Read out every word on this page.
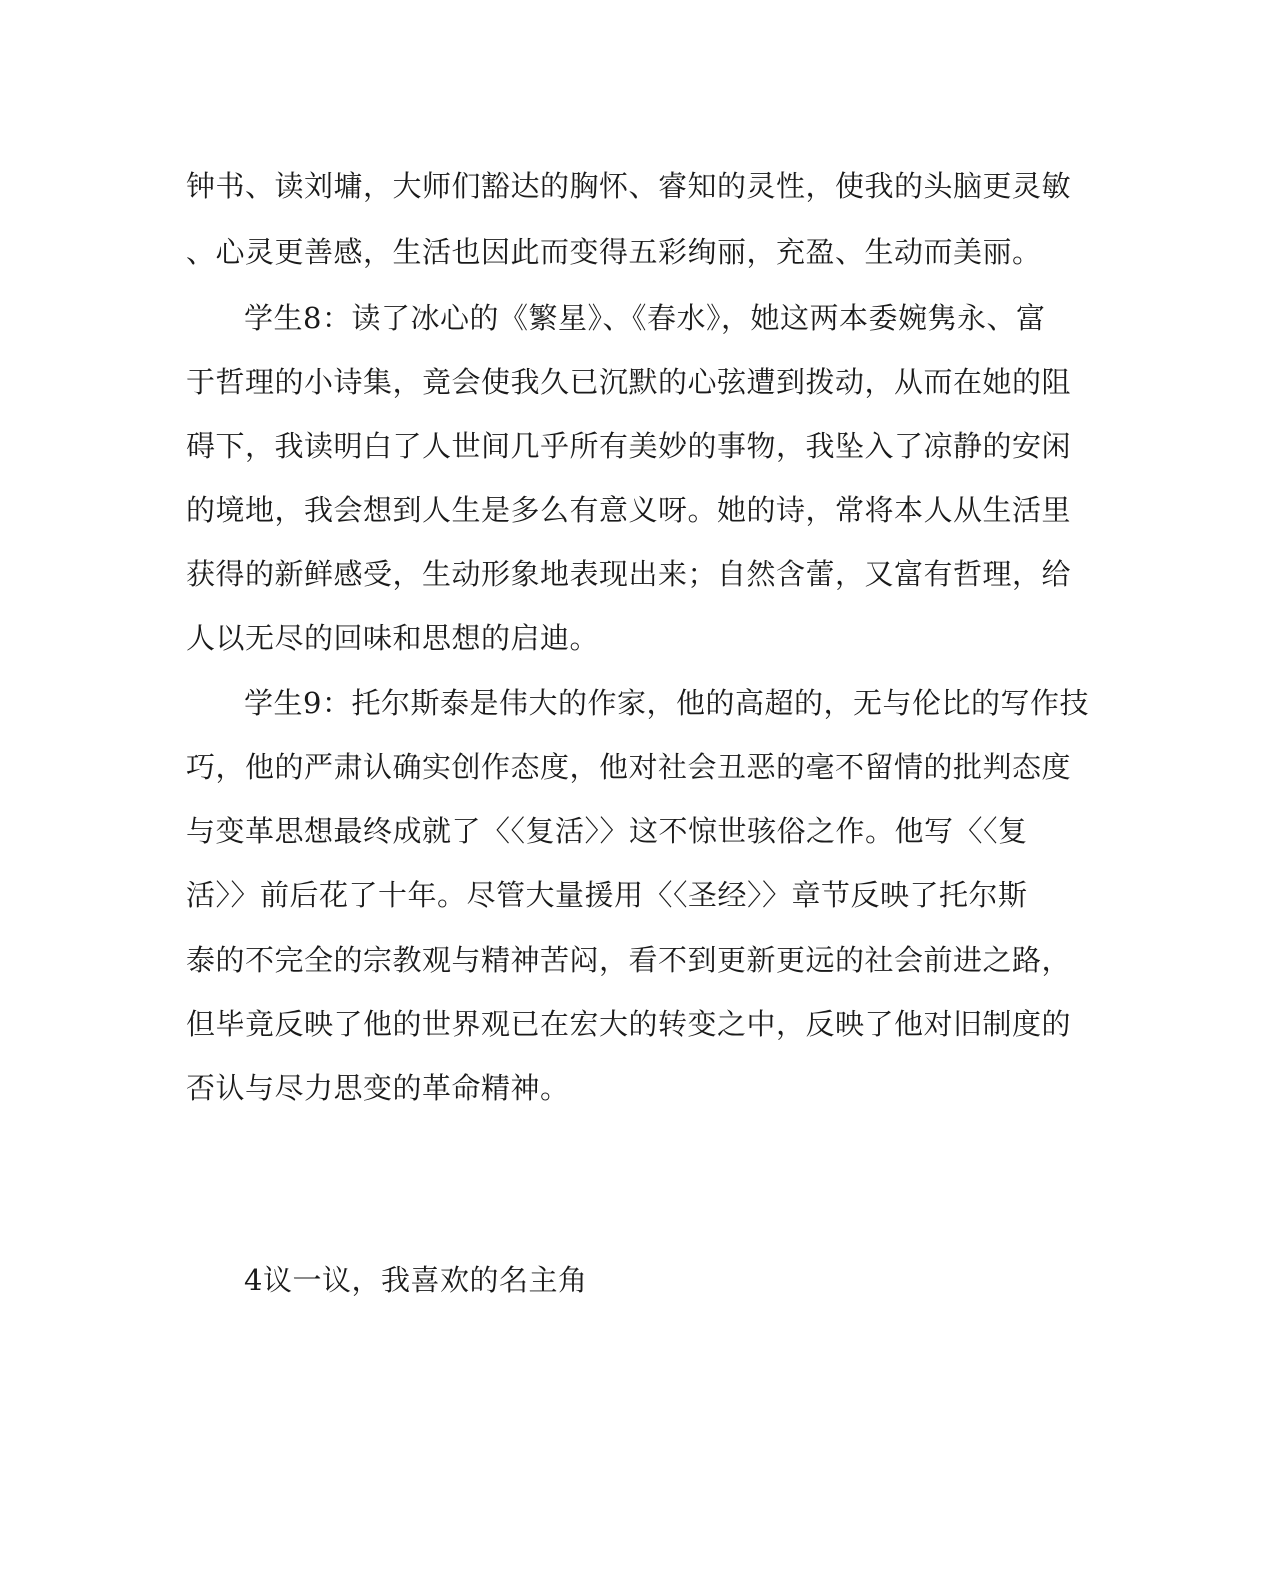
钟书、读刘墉，大师们豁达的胸怀、睿知的灵性，使我的头脑更灵敏
、心灵更善感，生活也因此而变得五彩绚丽，充盈、生动而美丽。
学生8：读了冰心的《繁星》、《春水》，她这两本委婉隽永、富
于哲理的小诗集，竟会使我久已沉默的心弦遭到拨动，从而在她的阻
碍下，我读明白了人世间几乎所有美妙的事物，我坠入了凉静的安闲
的境地，我会想到人生是多么有意义呀。她的诗，常将本人从生活里
获得的新鲜感受，生动形象地表现出来；自然含蕾，又富有哲理，给
人以无尽的回味和思想的启迪。
学生9：托尔斯泰是伟大的作家，他的高超的，无与伦比的写作技
巧，他的严肃认确实创作态度，他对社会丑恶的毫不留情的批判态度
与变革思想最终成就了〈〈复活〉〉这不惊世骇俗之作。他写〈〈复
活〉〉前后花了十年。尽管大量援用〈〈圣经〉〉章节反映了托尔斯
泰的不完全的宗教观与精神苦闷，看不到更新更远的社会前进之路，
但毕竟反映了他的世界观已在宏大的转变之中，反映了他对旧制度的
否认与尽力思变的革命精神。
4议一议，我喜欢的名主角
